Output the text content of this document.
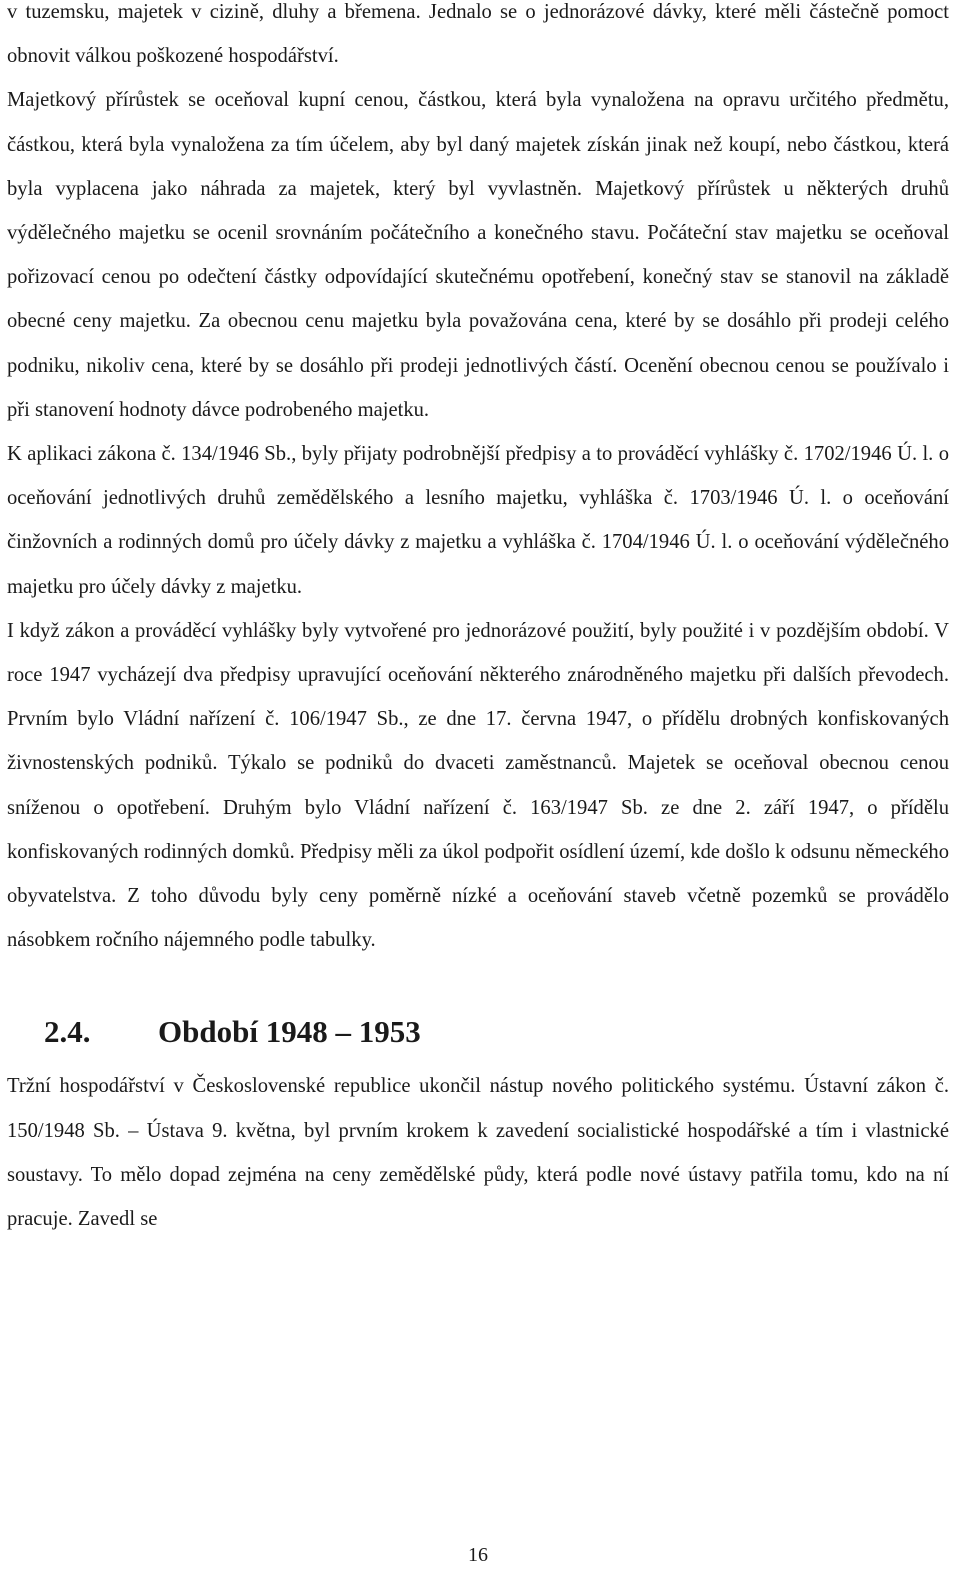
v tuzemsku, majetek v cizině, dluhy a břemena. Jednalo se o jednorázové dávky, které měli částečně pomoct obnovit válkou poškozené hospodářství.

Majetkový přírůstek se oceňoval kupní cenou, částkou, která byla vynaložena na opravu určitého předmětu, částkou, která byla vynaložena za tím účelem, aby byl daný majetek získán jinak než koupí, nebo částkou, která byla vyplacena jako náhrada za majetek, který byl vyvlastněn. Majetkový přírůstek u některých druhů výdělečného majetku se ocenil srovnáním počátečního a konečného stavu. Počáteční stav majetku se oceňoval pořizovací cenou po odečtení částky odpovídající skutečnému opotřebení, konečný stav se stanovil na základě obecné ceny majetku. Za obecnou cenu majetku byla považována cena, které by se dosáhlo při prodeji celého podniku, nikoliv cena, které by se dosáhlo při prodeji jednotlivých částí. Ocenění obecnou cenou se používalo i při stanovení hodnoty dávce podrobeného majetku.

K aplikaci zákona č. 134/1946 Sb., byly přijaty podrobnější předpisy a to prováděcí vyhlášky č. 1702/1946 Ú. l. o oceňování jednotlivých druhů zemědělského a lesního majetku, vyhláška č. 1703/1946 Ú. l. o oceňování činžovních a rodinných domů pro účely dávky z majetku a vyhláška č. 1704/1946 Ú. l. o oceňování výdělečného majetku pro účely dávky z majetku.

I když zákon a prováděcí vyhlášky byly vytvořené pro jednorázové použití, byly použité i v pozdějším období. V roce 1947 vycházejí dva předpisy upravující oceňování některého znárodněného majetku při dalších převodech. Prvním bylo Vládní nařízení č. 106/1947 Sb., ze dne 17. června 1947, o přídělu drobných konfiskovaných živnostenských podniků. Týkalo se podniků do dvaceti zaměstnanců. Majetek se oceňoval obecnou cenou sníženou o opotřebení. Druhým bylo Vládní nařízení č. 163/1947 Sb. ze dne 2. září 1947, o přídělu konfiskovaných rodinných domků. Předpisy měli za úkol podpořit osídlení území, kde došlo k odsunu německého obyvatelstva. Z toho důvodu byly ceny poměrně nízké a oceňování staveb včetně pozemků se provádělo násobkem ročního nájemného podle tabulky.

2.4.	Období 1948 – 1953

Tržní hospodářství v Československé republice ukončil nástup nového politického systému. Ústavní zákon č. 150/1948 Sb. – Ústava 9. května, byl prvním krokem k zavedení socialistické hospodářské a tím i vlastnické soustavy. To mělo dopad zejména na ceny zemědělské půdy, která podle nové ústavy patřila tomu, kdo na ní pracuje. Zavedl se

16
